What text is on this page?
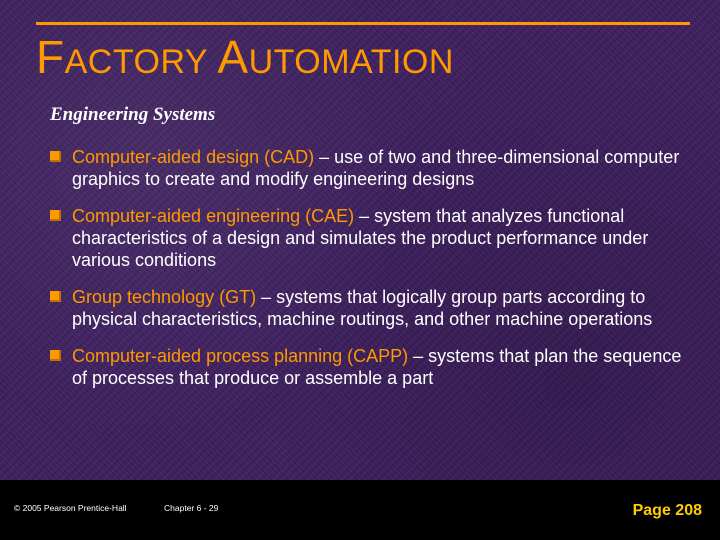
FACTORY AUTOMATION
Engineering Systems
Computer-aided design (CAD) – use of two and three-dimensional computer graphics to create and modify engineering designs
Computer-aided engineering (CAE) – system that analyzes functional characteristics of a design and simulates the product performance under various conditions
Group technology (GT) – systems that logically group parts according to physical characteristics, machine routings, and other machine operations
Computer-aided process planning (CAPP) – systems that plan the sequence of processes that produce or assemble a part
© 2005 Pearson Prentice-Hall	Chapter 6 - 29	Page 208
